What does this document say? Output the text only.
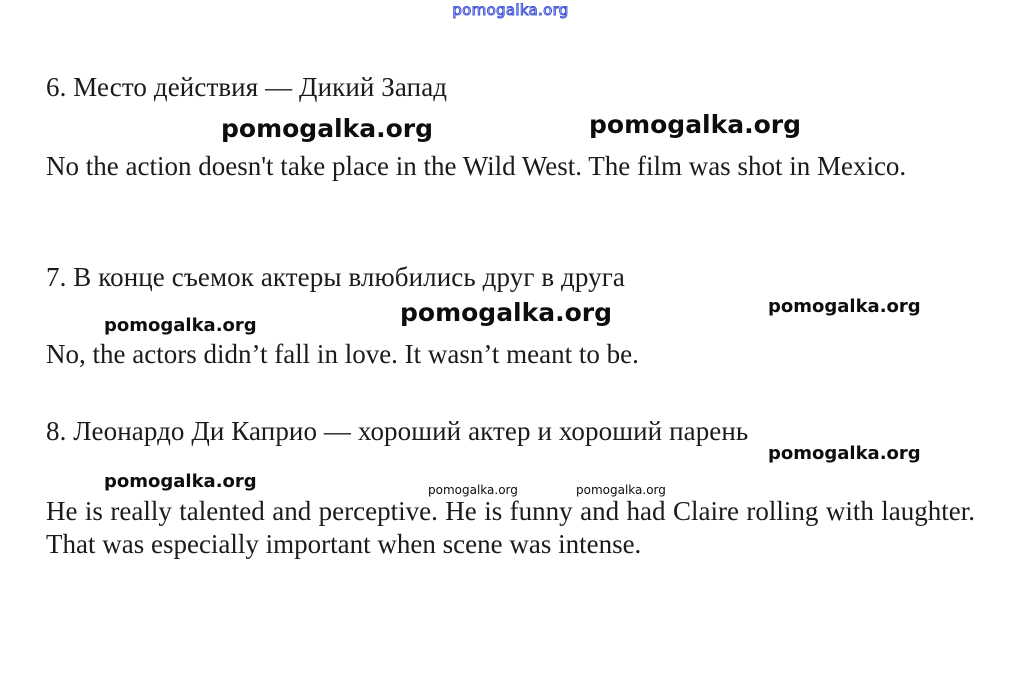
pomogalka.org
6. Место действия — Дикий Запад
pomogalka.org	pomogalka.org
No the action doesn't take place in the Wild West. The film was shot in Mexico.
7. В конце съемок актеры влюбились друг в друга
pomogalka.org
pomogalka.org
pomogalka.org
No, the actors didn’t fall in love. It wasn’t meant to be.
8. Леонардо Ди Каприо — хороший актер и хороший парень
pomogalka.org
pomogalka.org	pomogalka.org	pomogalka.org
He is really talented and perceptive. He is funny and had Claire rolling with laughter. That was especially important when scene was intense.
